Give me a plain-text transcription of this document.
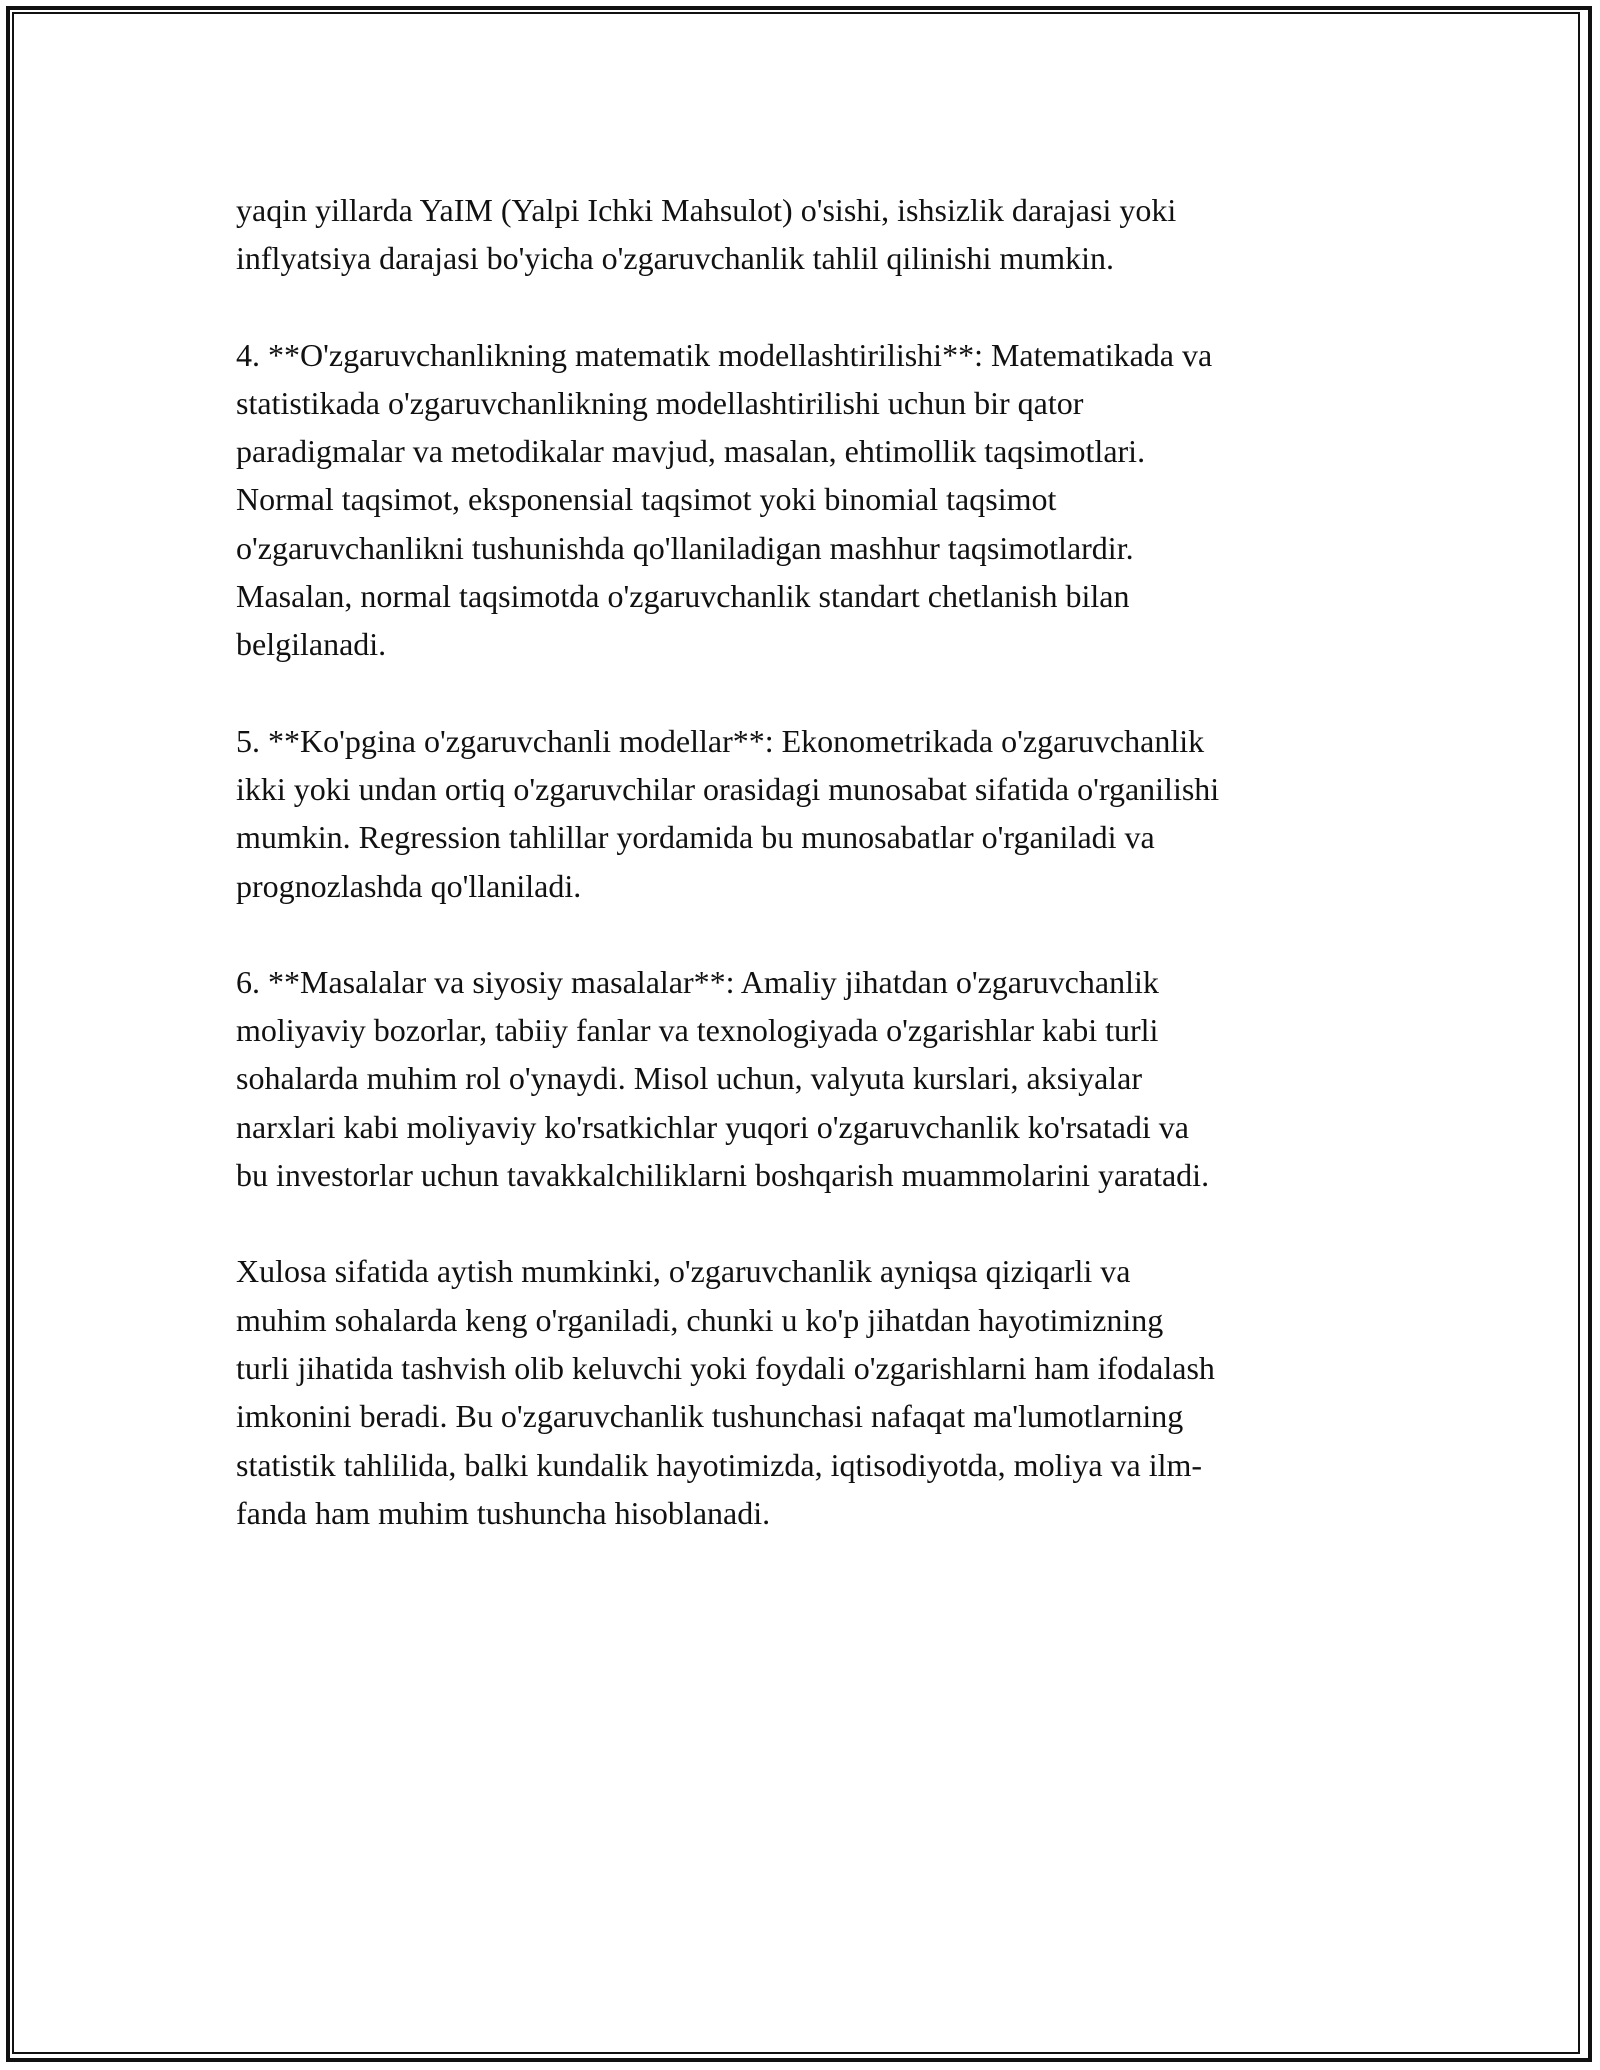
yaqin yillarda YaIM (Yalpi Ichki Mahsulot) o'sishi, ishsizlik darajasi yoki
inflyatsiya darajasi bo'yicha o'zgaruvchanlik tahlil qilinishi mumkin.

4. **O'zgaruvchanlikning matematik modellashtirilishi**: Matematikada va
statistikada o'zgaruvchanlikning modellashtirilishi uchun bir qator
paradigmalar va metodikalar mavjud, masalan, ehtimollik taqsimotlari.
Normal taqsimot, eksponensial taqsimot yoki binomial taqsimot
o'zgaruvchanlikni tushunishda qo'llaniladigan mashhur taqsimotlardir.
Masalan, normal taqsimotda o'zgaruvchanlik standart chetlanish bilan
belgilanadi.

5. **Ko'pgina o'zgaruvchanli modellar**: Ekonometrikada o'zgaruvchanlik
ikki yoki undan ortiq o'zgaruvchilar orasidagi munosabat sifatida o'rganilishi
mumkin. Regression tahlillar yordamida bu munosabatlar o'rganiladi va
prognozlashda qo'llaniladi.

6. **Masalalar va siyosiy masalalar**: Amaliy jihatdan o'zgaruvchanlik
moliyaviy bozorlar, tabiiy fanlar va texnologiyada o'zgarishlar kabi turli
sohalarda muhim rol o'ynaydi. Misol uchun, valyuta kurslari, aksiyalar
narxlari kabi moliyaviy ko'rsatkichlar yuqori o'zgaruvchanlik ko'rsatadi va
bu investorlar uchun tavakkalchiliklarni boshqarish muammolarini yaratadi.

Xulosa sifatida aytish mumkinki, o'zgaruvchanlik ayniqsa qiziqarli va
muhim sohalarda keng o'rganiladi, chunki u ko'p jihatdan hayotimizning
turli jihatida tashvish olib keluvchi yoki foydali o'zgarishlarni ham ifodalash
imkonini beradi. Bu o'zgaruvchanlik tushunchasi nafaqat ma'lumotlarning
statistik tahlilida, balki kundalik hayotimizda, iqtisodiyotda, moliya va ilm-
fanda ham muhim tushuncha hisoblanadi.
